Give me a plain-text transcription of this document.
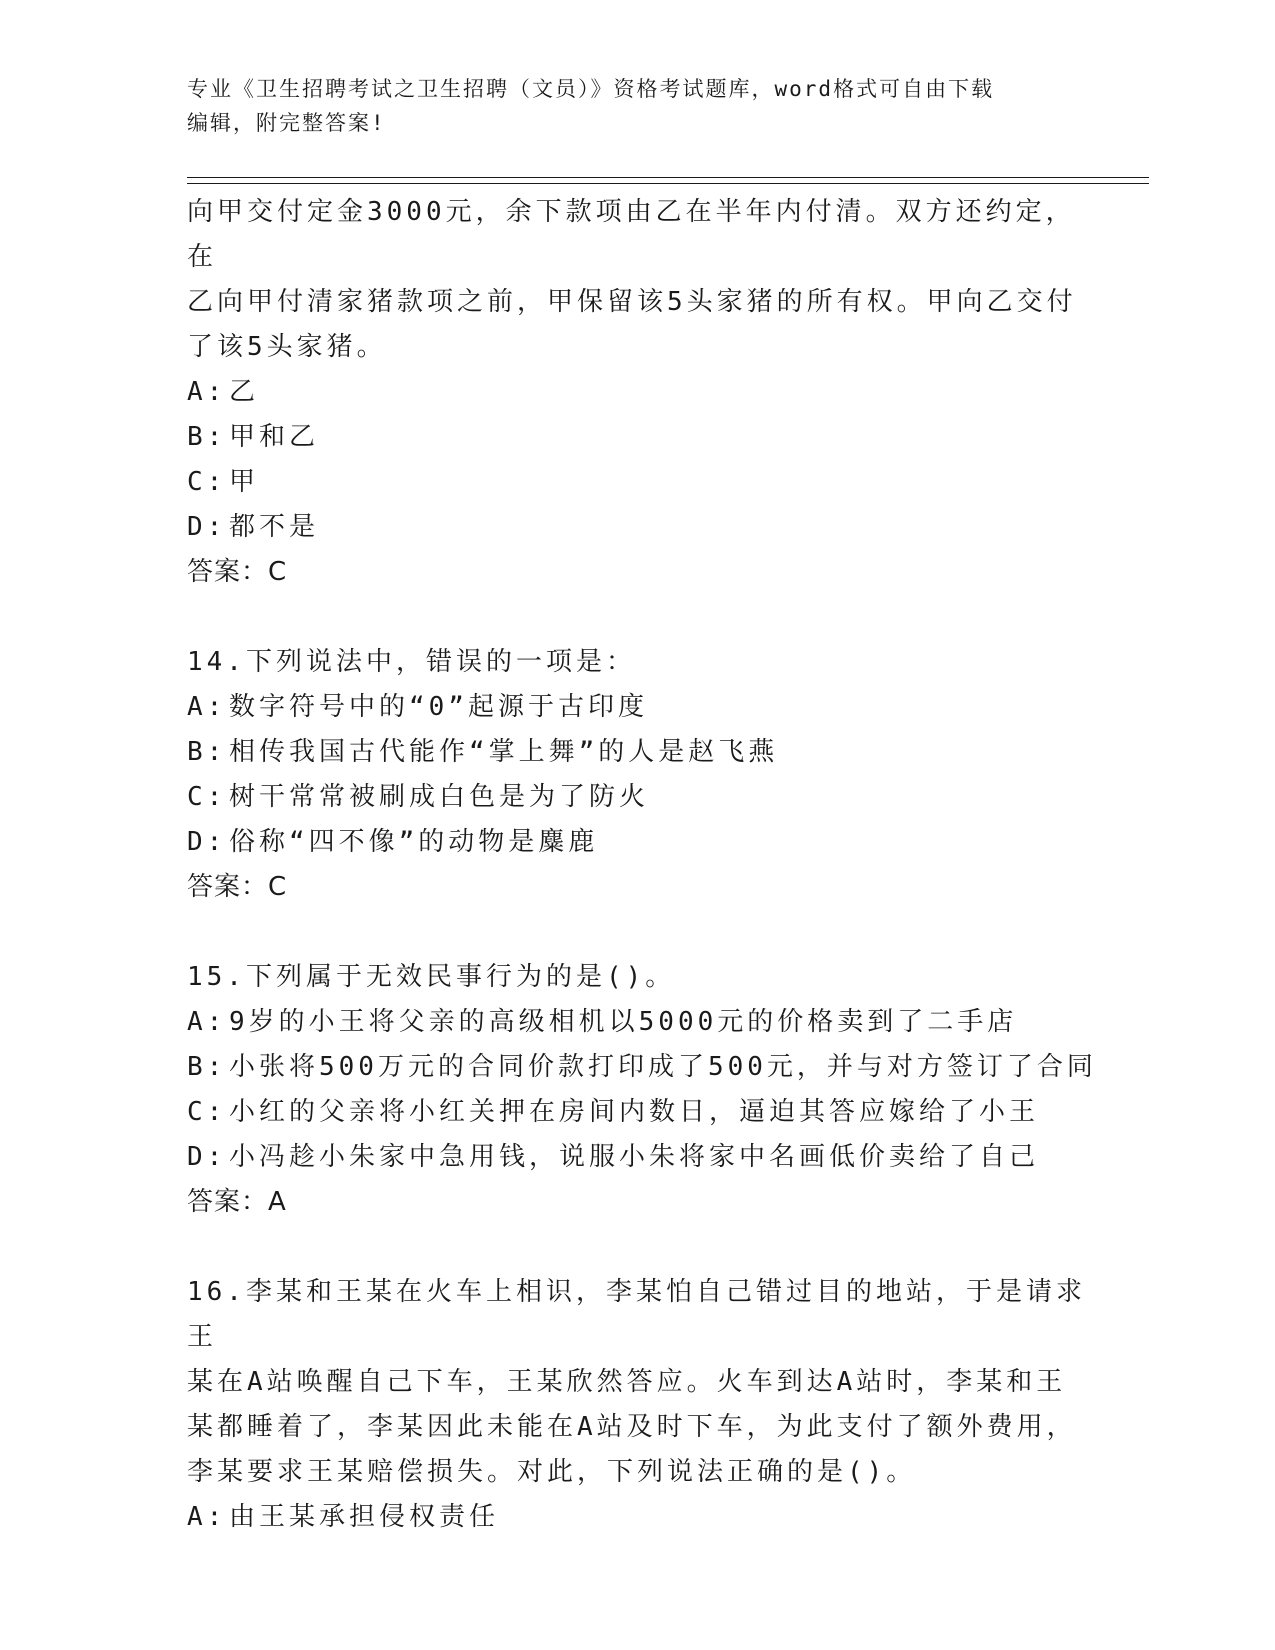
专业《卫生招聘考试之卫生招聘（文员）》资格考试题库，word格式可自由下载
编辑，附完整答案!

向甲交付定金3000元，余下款项由乙在半年内付清。双方还约定，在

乙向甲付清家猪款项之前，甲保留该5头家猪的所有权。甲向乙交付

了该5头家猪。

A: 乙

B: 甲和乙

C: 甲

D: 都不是

答案：C

14.下列说法中，错误的一项是：

A: 数字符号中的“0”起源于古印度

B: 相传我国古代能作“掌上舞”的人是赵飞燕

C: 树干常常被刷成白色是为了防火

D: 俗称“四不像”的动物是麋鹿

答案：C

15.下列属于无效民事行为的是()。

A: 9岁的小王将父亲的高级相机以5000元的价格卖到了二手店

B: 小张将500万元的合同价款打印成了500元，并与对方签订了合同

C: 小红的父亲将小红关押在房间内数日，逼迫其答应嫁给了小王

D: 小冯趁小朱家中急用钱，说服小朱将家中名画低价卖给了自己

答案：A

16.李某和王某在火车上相识，李某怕自己错过目的地站，于是请求王

某在A站唤醒自己下车，王某欣然答应。火车到达A站时，李某和王

某都睡着了，李某因此未能在A站及时下车，为此支付了额外费用，

李某要求王某赔偿损失。对此，下列说法正确的是()。

A: 由王某承担侵权责任
